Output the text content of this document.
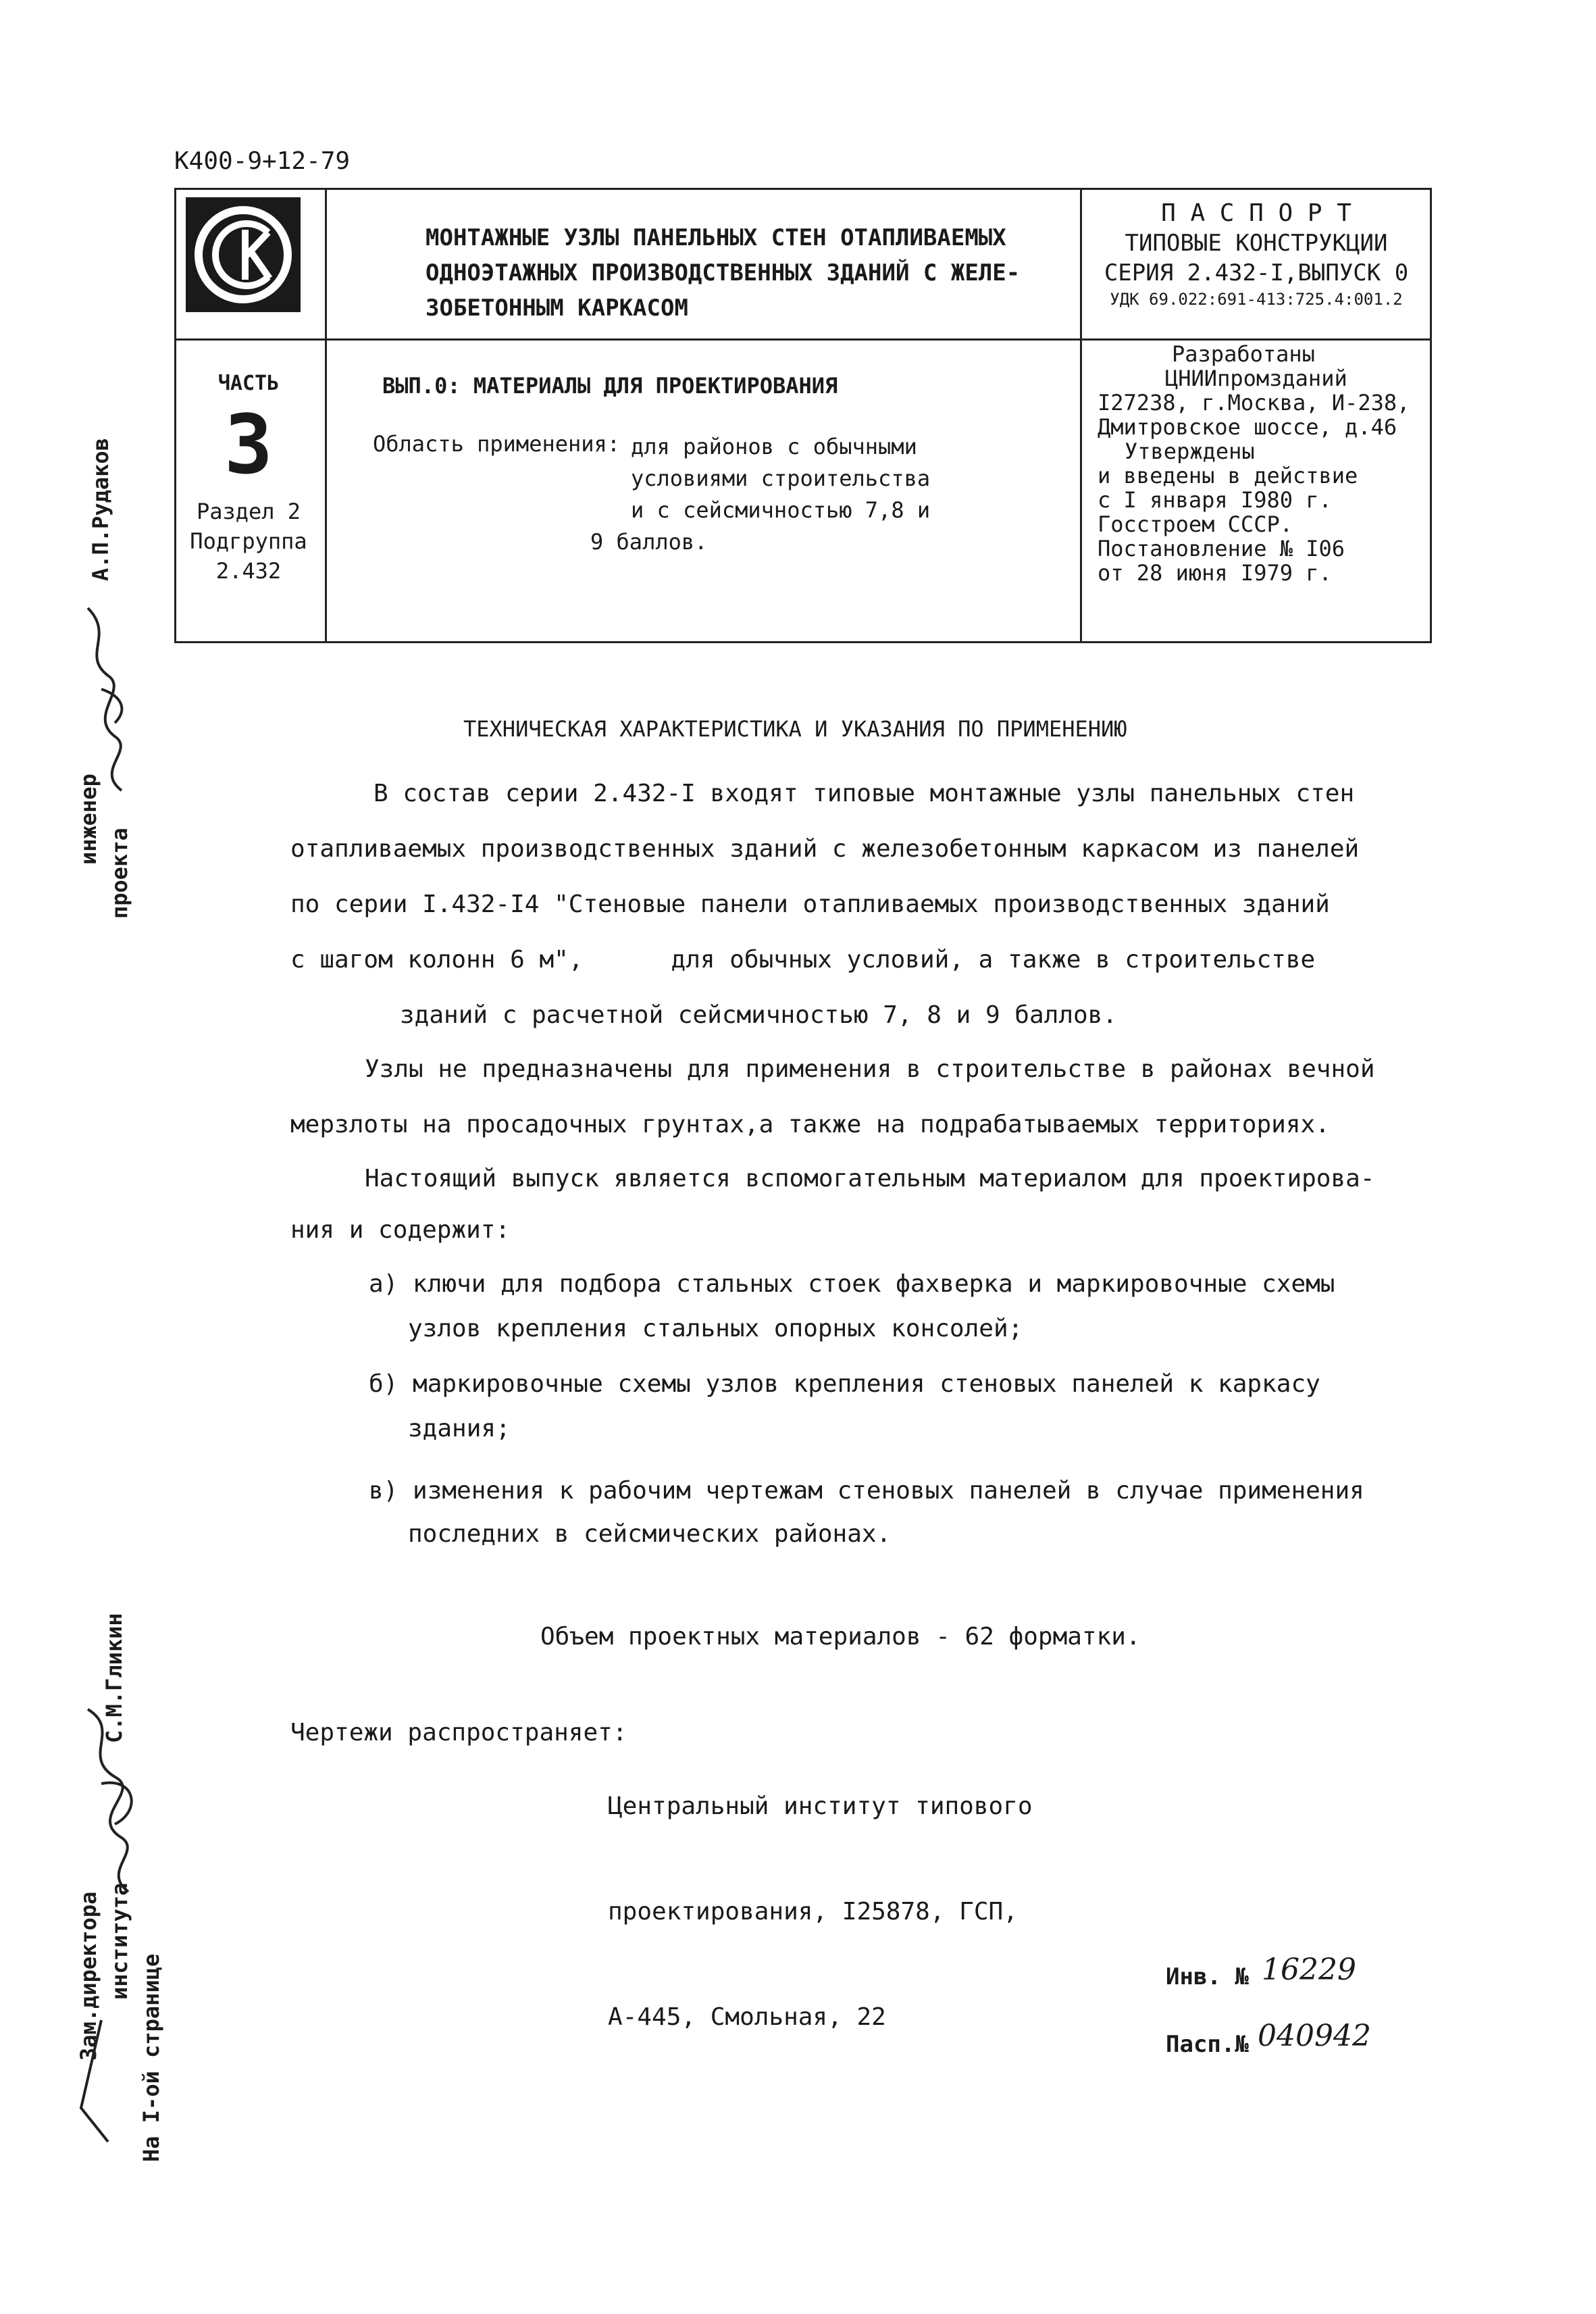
К400-9+12-79
МОНТАЖНЫЕ УЗЛЫ ПАНЕЛЬНЫХ СТЕН ОТАПЛИВАЕМЫХ
ОДНОЭТАЖНЫХ ПРОИЗВОДСТВЕННЫХ ЗДАНИЙ С ЖЕЛЕ-
ЗОБЕТОННЫМ КАРКАСОМ
П А С П О Р Т
ТИПОВЫЕ КОНСТРУКЦИИ
СЕРИЯ 2.432-I,ВЫПУСК 0
УДК 69.022:691-413:725.4:001.2
ЧАСТЬ
3
Раздел 2
Подгруппа
2.432
ВЫП.0: МАТЕРИАЛЫ ДЛЯ ПРОЕКТИРОВАНИЯ
Область применения: для районов с обычными
условиями строительства
и с сейсмичностью 7,8 и
9 баллов.
Разработаны
ЦНИИпромзданий
I27238, г.Москва, И-238,
Дмитровское шоссе, д.46
Утверждены
и введены в действие
с I января I980 г.
Госстроем СССР.
Постановление № I06
от 28 июня I979 г.
ТЕХНИЧЕСКАЯ ХАРАКТЕРИСТИКА И УКАЗАНИЯ ПО ПРИМЕНЕНИЮ
В состав серии 2.432-I входят типовые монтажные узлы панельных стен
отапливаемых производственных зданий с железобетонным каркасом из панелей
по серии I.432-I4 "Стеновые панели отапливаемых производственных зданий
с шагом колонн 6 м",      для обычных условий, а также в строительстве
зданий с расчетной сейсмичностью 7, 8 и 9 баллов.
Узлы не предназначены для применения в строительстве в районах вечной
мерзлоты на просадочных грунтах,а также на подрабатываемых территориях.
Настоящий выпуск является вспомогательным материалом для проектирова-
ния и содержит:
а) ключи для подбора стальных стоек фахверка и маркировочные схемы
узлов крепления стальных опорных консолей;
б) маркировочные схемы узлов крепления стеновых панелей к каркасу
здания;
в) изменения к рабочим чертежам стеновых панелей в случае применения
последних в сейсмических районах.
Объем проектных материалов - 62 форматки.
Чертежи распространяет:

Центральный институт типового

проектирования, I25878, ГСП,

А-445, Смольная, 22

Инв. № 16229
Пасп.№ 040942
А.П.Рудаков
инженер
проекта
С.М.Гликин
Зам.директора института
На I-ой странице
